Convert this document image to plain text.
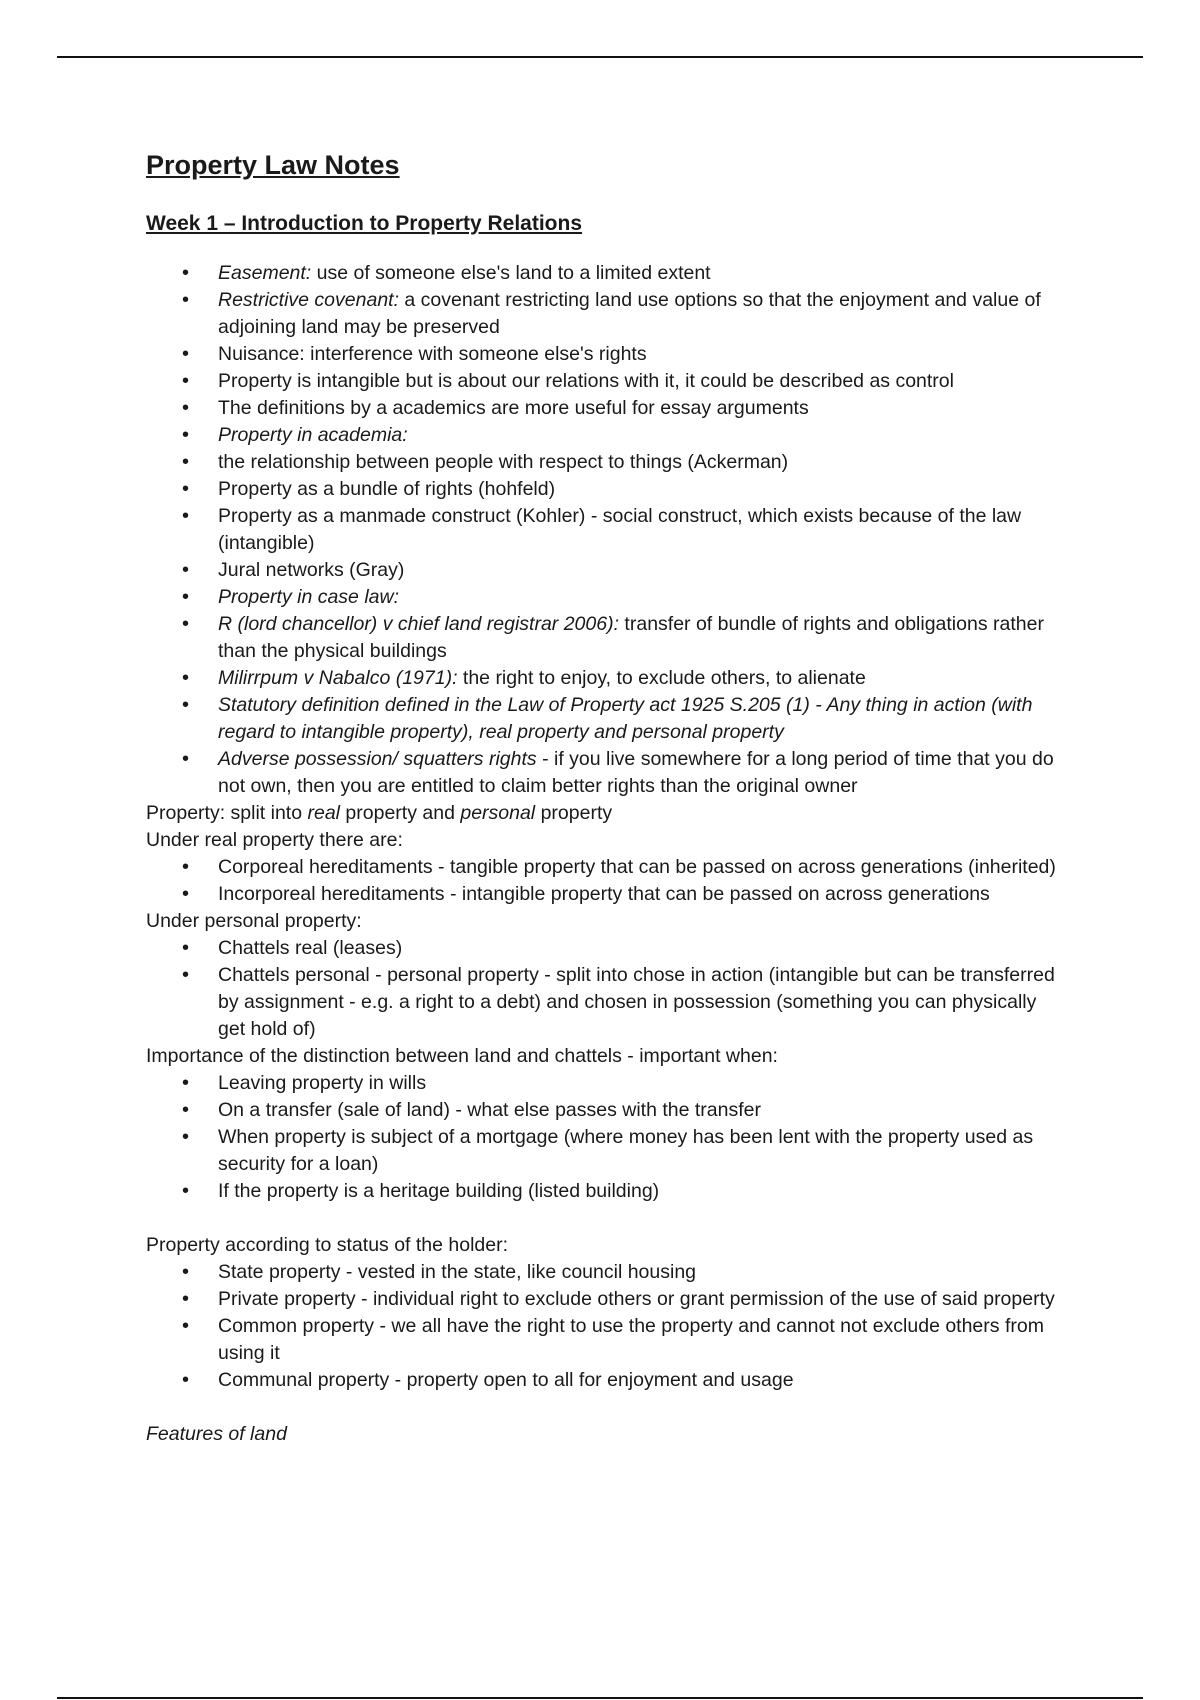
Property Law Notes
Week 1 – Introduction to Property Relations
• Easement: use of someone else's land to a limited extent
• Restrictive covenant: a covenant restricting land use options so that the enjoyment and value of adjoining land may be preserved
• Nuisance: interference with someone else's rights
• Property is intangible but is about our relations with it, it could be described as control
• The definitions by a academics are more useful for essay arguments
• Property in academia:
• the relationship between people with respect to things (Ackerman)
• Property as a bundle of rights (hohfeld)
• Property as a manmade construct (Kohler) - social construct, which exists because of the law (intangible)
• Jural networks (Gray)
• Property in case law:
• R (lord chancellor) v chief land registrar 2006): transfer of bundle of rights and obligations rather than the physical buildings
• Milirrpum v Nabalco (1971): the right to enjoy, to exclude others, to alienate
• Statutory definition defined in the Law of Property act 1925 S.205 (1) - Any thing in action (with regard to intangible property), real property and personal property
• Adverse possession/ squatters rights - if you live somewhere for a long period of time that you do not own, then you are entitled to claim better rights than the original owner

Property: split into real property and personal property

Under real property there are:

• Corporeal hereditaments - tangible property that can be passed on across generations (inherited)
• Incorporeal hereditaments - intangible property that can be passed on across generations

Under personal property:

• Chattels real (leases)
• Chattels personal - personal property - split into chose in action (intangible but can be transferred by assignment - e.g. a right to a debt) and chosen in possession (something you can physically get hold of)

Importance of the distinction between land and chattels - important when:

• Leaving property in wills
• On a transfer (sale of land) - what else passes with the transfer
• When property is subject of a mortgage (where money has been lent with the property used as security for a loan)
• If the property is a heritage building (listed building)

Property according to status of the holder:

• State property - vested in the state, like council housing
• Private property - individual right to exclude others or grant permission of the use of said property
• Common property - we all have the right to use the property and cannot not exclude others from using it
• Communal property - property open to all for enjoyment and usage

Features of land
